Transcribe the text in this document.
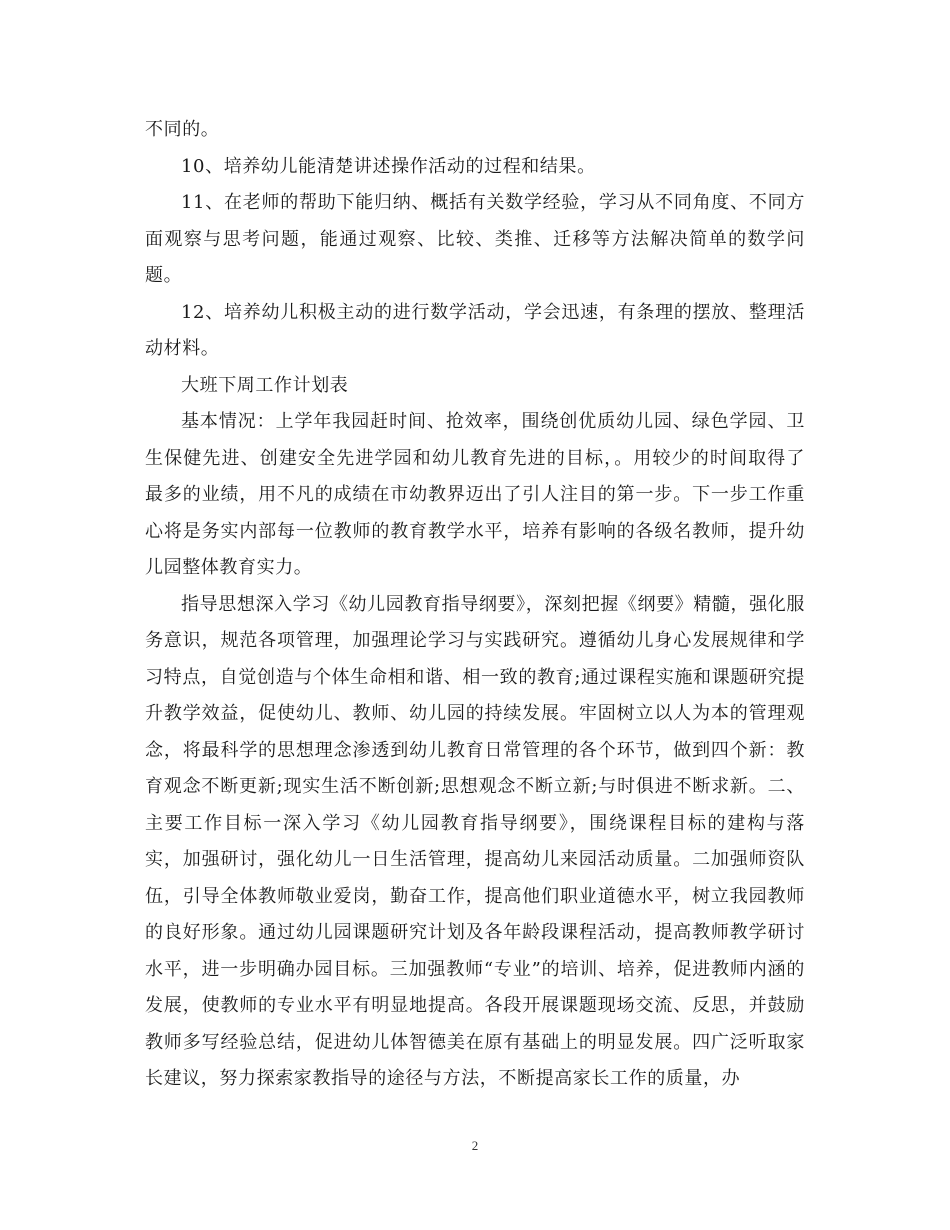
不同的。

10、培养幼儿能清楚讲述操作活动的过程和结果。

11、在老师的帮助下能归纳、概括有关数学经验，学习从不同角度、不同方面观察与思考问题，能通过观察、比较、类推、迁移等方法解决简单的数学问题。

12、培养幼儿积极主动的进行数学活动，学会迅速，有条理的摆放、整理活动材料。

大班下周工作计划表

基本情况：上学年我园赶时间、抢效率，围绕创优质幼儿园、绿色学园、卫生保健先进、创建安全先进学园和幼儿教育先进的目标，。用较少的时间取得了最多的业绩，用不凡的成绩在市幼教界迈出了引人注目的第一步。下一步工作重心将是务实内部每一位教师的教育教学水平，培养有影响的各级名教师，提升幼儿园整体教育实力。

指导思想深入学习《幼儿园教育指导纲要》，深刻把握《纲要》精髓，强化服务意识，规范各项管理，加强理论学习与实践研究。遵循幼儿身心发展规律和学习特点，自觉创造与个体生命相和谐、相一致的教育;通过课程实施和课题研究提升教学效益，促使幼儿、教师、幼儿园的持续发展。牢固树立以人为本的管理观念，将最科学的思想理念渗透到幼儿教育日常管理的各个环节，做到四个新：教育观念不断更新;现实生活不断创新;思想观念不断立新;与时俱进不断求新。二、主要工作目标一深入学习《幼儿园教育指导纲要》，围绕课程目标的建构与落实，加强研讨，强化幼儿一日生活管理，提高幼儿来园活动质量。二加强师资队伍，引导全体教师敬业爱岗，勤奋工作，提高他们职业道德水平，树立我园教师的良好形象。通过幼儿园课题研究计划及各年龄段课程活动，提高教师教学研讨水平，进一步明确办园目标。三加强教师“专业”的培训、培养，促进教师内涵的发展，使教师的专业水平有明显地提高。各段开展课题现场交流、反思，并鼓励教师多写经验总结，促进幼儿体智德美在原有基础上的明显发展。四广泛听取家长建议，努力探索家教指导的途径与方法，不断提高家长工作的质量，办

2
